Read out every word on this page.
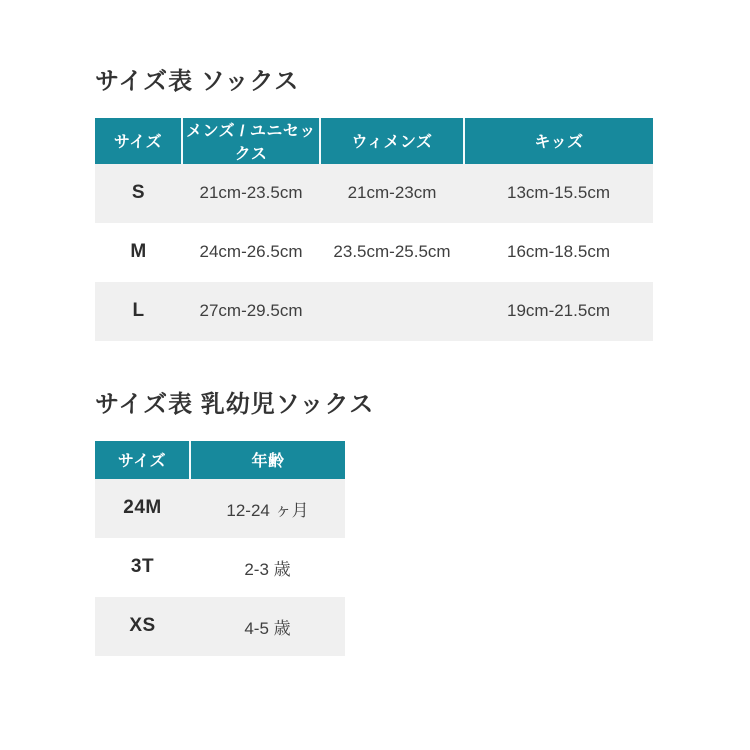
サイズ表 ソックス
サイズ	メンズ / ユニセックス	ウィメンズ	キッズ
S	21cm-23.5cm	21cm-23cm	13cm-15.5cm
M	24cm-26.5cm	23.5cm-25.5cm	16cm-18.5cm
L	27cm-29.5cm		19cm-21.5cm
サイズ表 乳幼児ソックス
サイズ	年齢
24M	12-24 ヶ月
3T	2-3 歳
XS	4-5 歳
